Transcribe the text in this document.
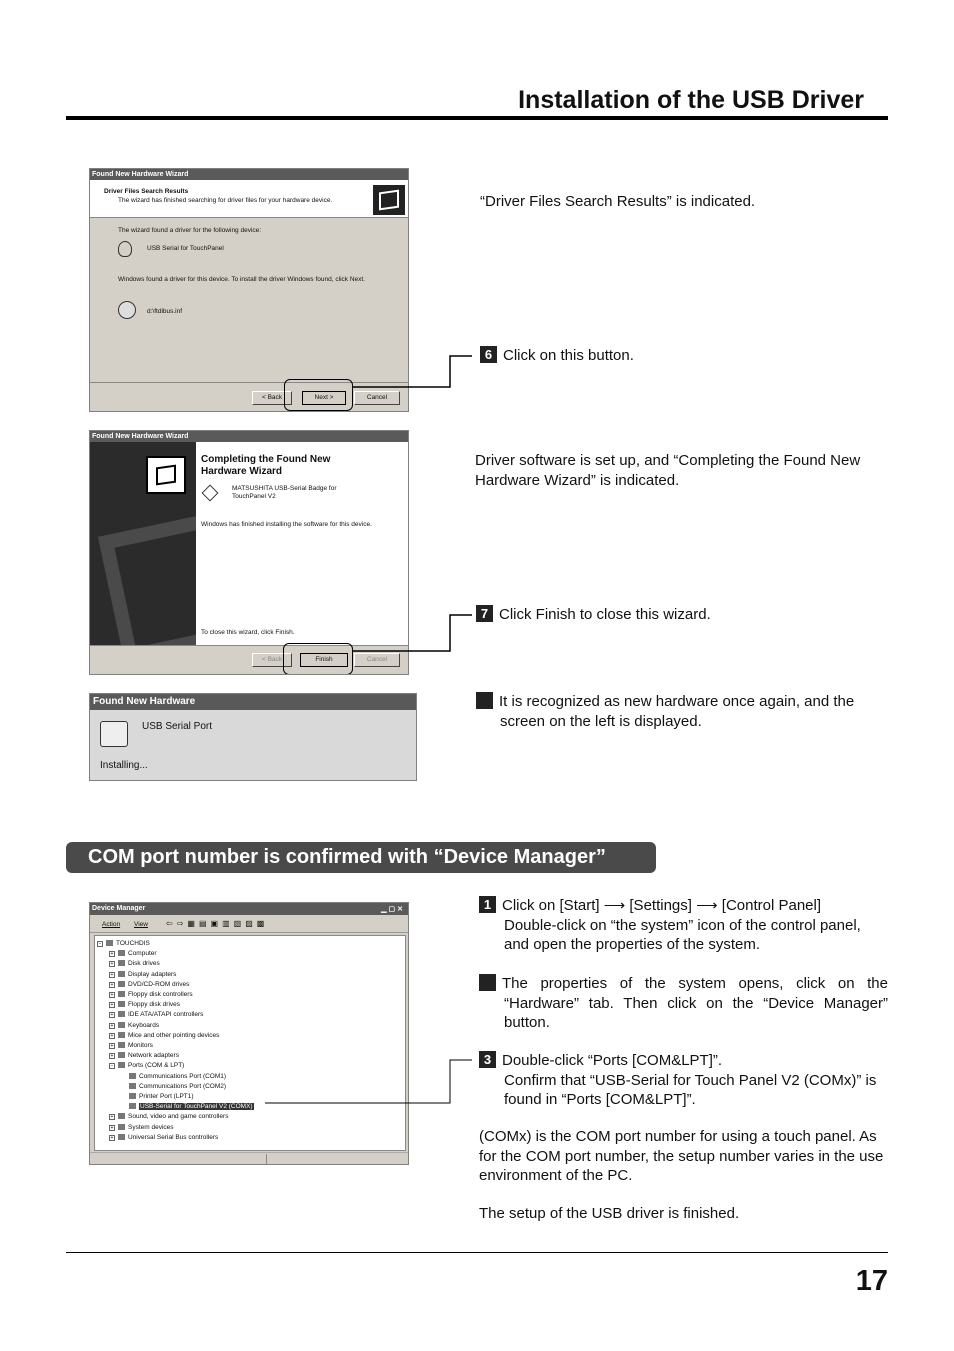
Installation of the USB Driver
Found New Hardware Wizard
Driver Files Search Results
The wizard has finished searching for driver files for your hardware device.
The wizard found a driver for the following device:
USB Serial for TouchPanel
Windows found a driver for this device. To install the driver Windows found, click Next.
d:\ftdibus.inf
< Back	Next >	Cancel
Found New Hardware Wizard
Completing the Found New Hardware Wizard
MATSUSHITA USB-Serial Badge for TouchPanel V2
Windows has finished installing the software for this device.
To close this wizard, click Finish.
< Back	Finish	Cancel
Found New Hardware
USB Serial Port
Installing...
“Driver Files Search Results” is indicated.
6 Click on this button.
Driver software is set up, and “Completing the Found New Hardware Wizard” is indicated.
7 Click Finish to close this wizard.
8 It is recognized as new hardware once again, and the screen on the left is displayed.
COM port number is confirmed with “Device Manager”
Device Manager	▁▢✕
Action View ⇦⇨▦▤▣▥▧▨▩
− TOUCHDIS
+ Computer
+ Disk drives
+ Display adapters
+ DVD/CD-ROM drives
+ Floppy disk controllers
+ Floppy disk drives
+ IDE ATA/ATAPI controllers
+ Keyboards
+ Mice and other pointing devices
+ Monitors
+ Network adapters
− Ports (COM & LPT)
Communications Port (COM1)
Communications Port (COM2)
Printer Port (LPT1)
USB-Serial for TouchPanel V2 (COMX)
+ Sound, video and game controllers
+ System devices
+ Universal Serial Bus controllers
1 Click on [Start] ⟶ [Settings] ⟶ [Control Panel]
Double-click on “the system” icon of the control panel, and open the properties of the system.
2 The properties of the system opens, click on the “Hardware” tab. Then click on the “Device Manager” button.
3 Double-click “Ports [COM&LPT]”.
Confirm that “USB-Serial for Touch Panel V2 (COMx)” is found in “Ports [COM&LPT]”.
(COMx) is the COM port number for using a touch panel. As for the COM port number, the setup number varies in the use environment of the PC.
The setup of the USB driver is finished.
17
